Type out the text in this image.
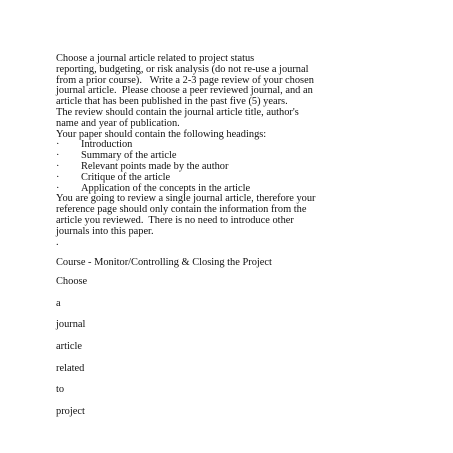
Choose a journal article related to project status
reporting, budgeting, or risk analysis (do not re-use a journal
from a prior course).   Write a 2-3 page review of your chosen
journal article.  Please choose a peer reviewed journal, and an
article that has been published in the past five (5) years.
The review should contain the journal article title, author's
name and year of publication.
Your paper should contain the following headings:
· Introduction
· Summary of the article
· Relevant points made by the author
· Critique of the article
· Application of the concepts in the article
You are going to review a single journal article, therefore your
reference page should only contain the information from the
article you reviewed.  There is no need to introduce other
journals into this paper.
.
Course - Monitor/Controlling & Closing the Project
Choose
a
journal
article
related
to
project
